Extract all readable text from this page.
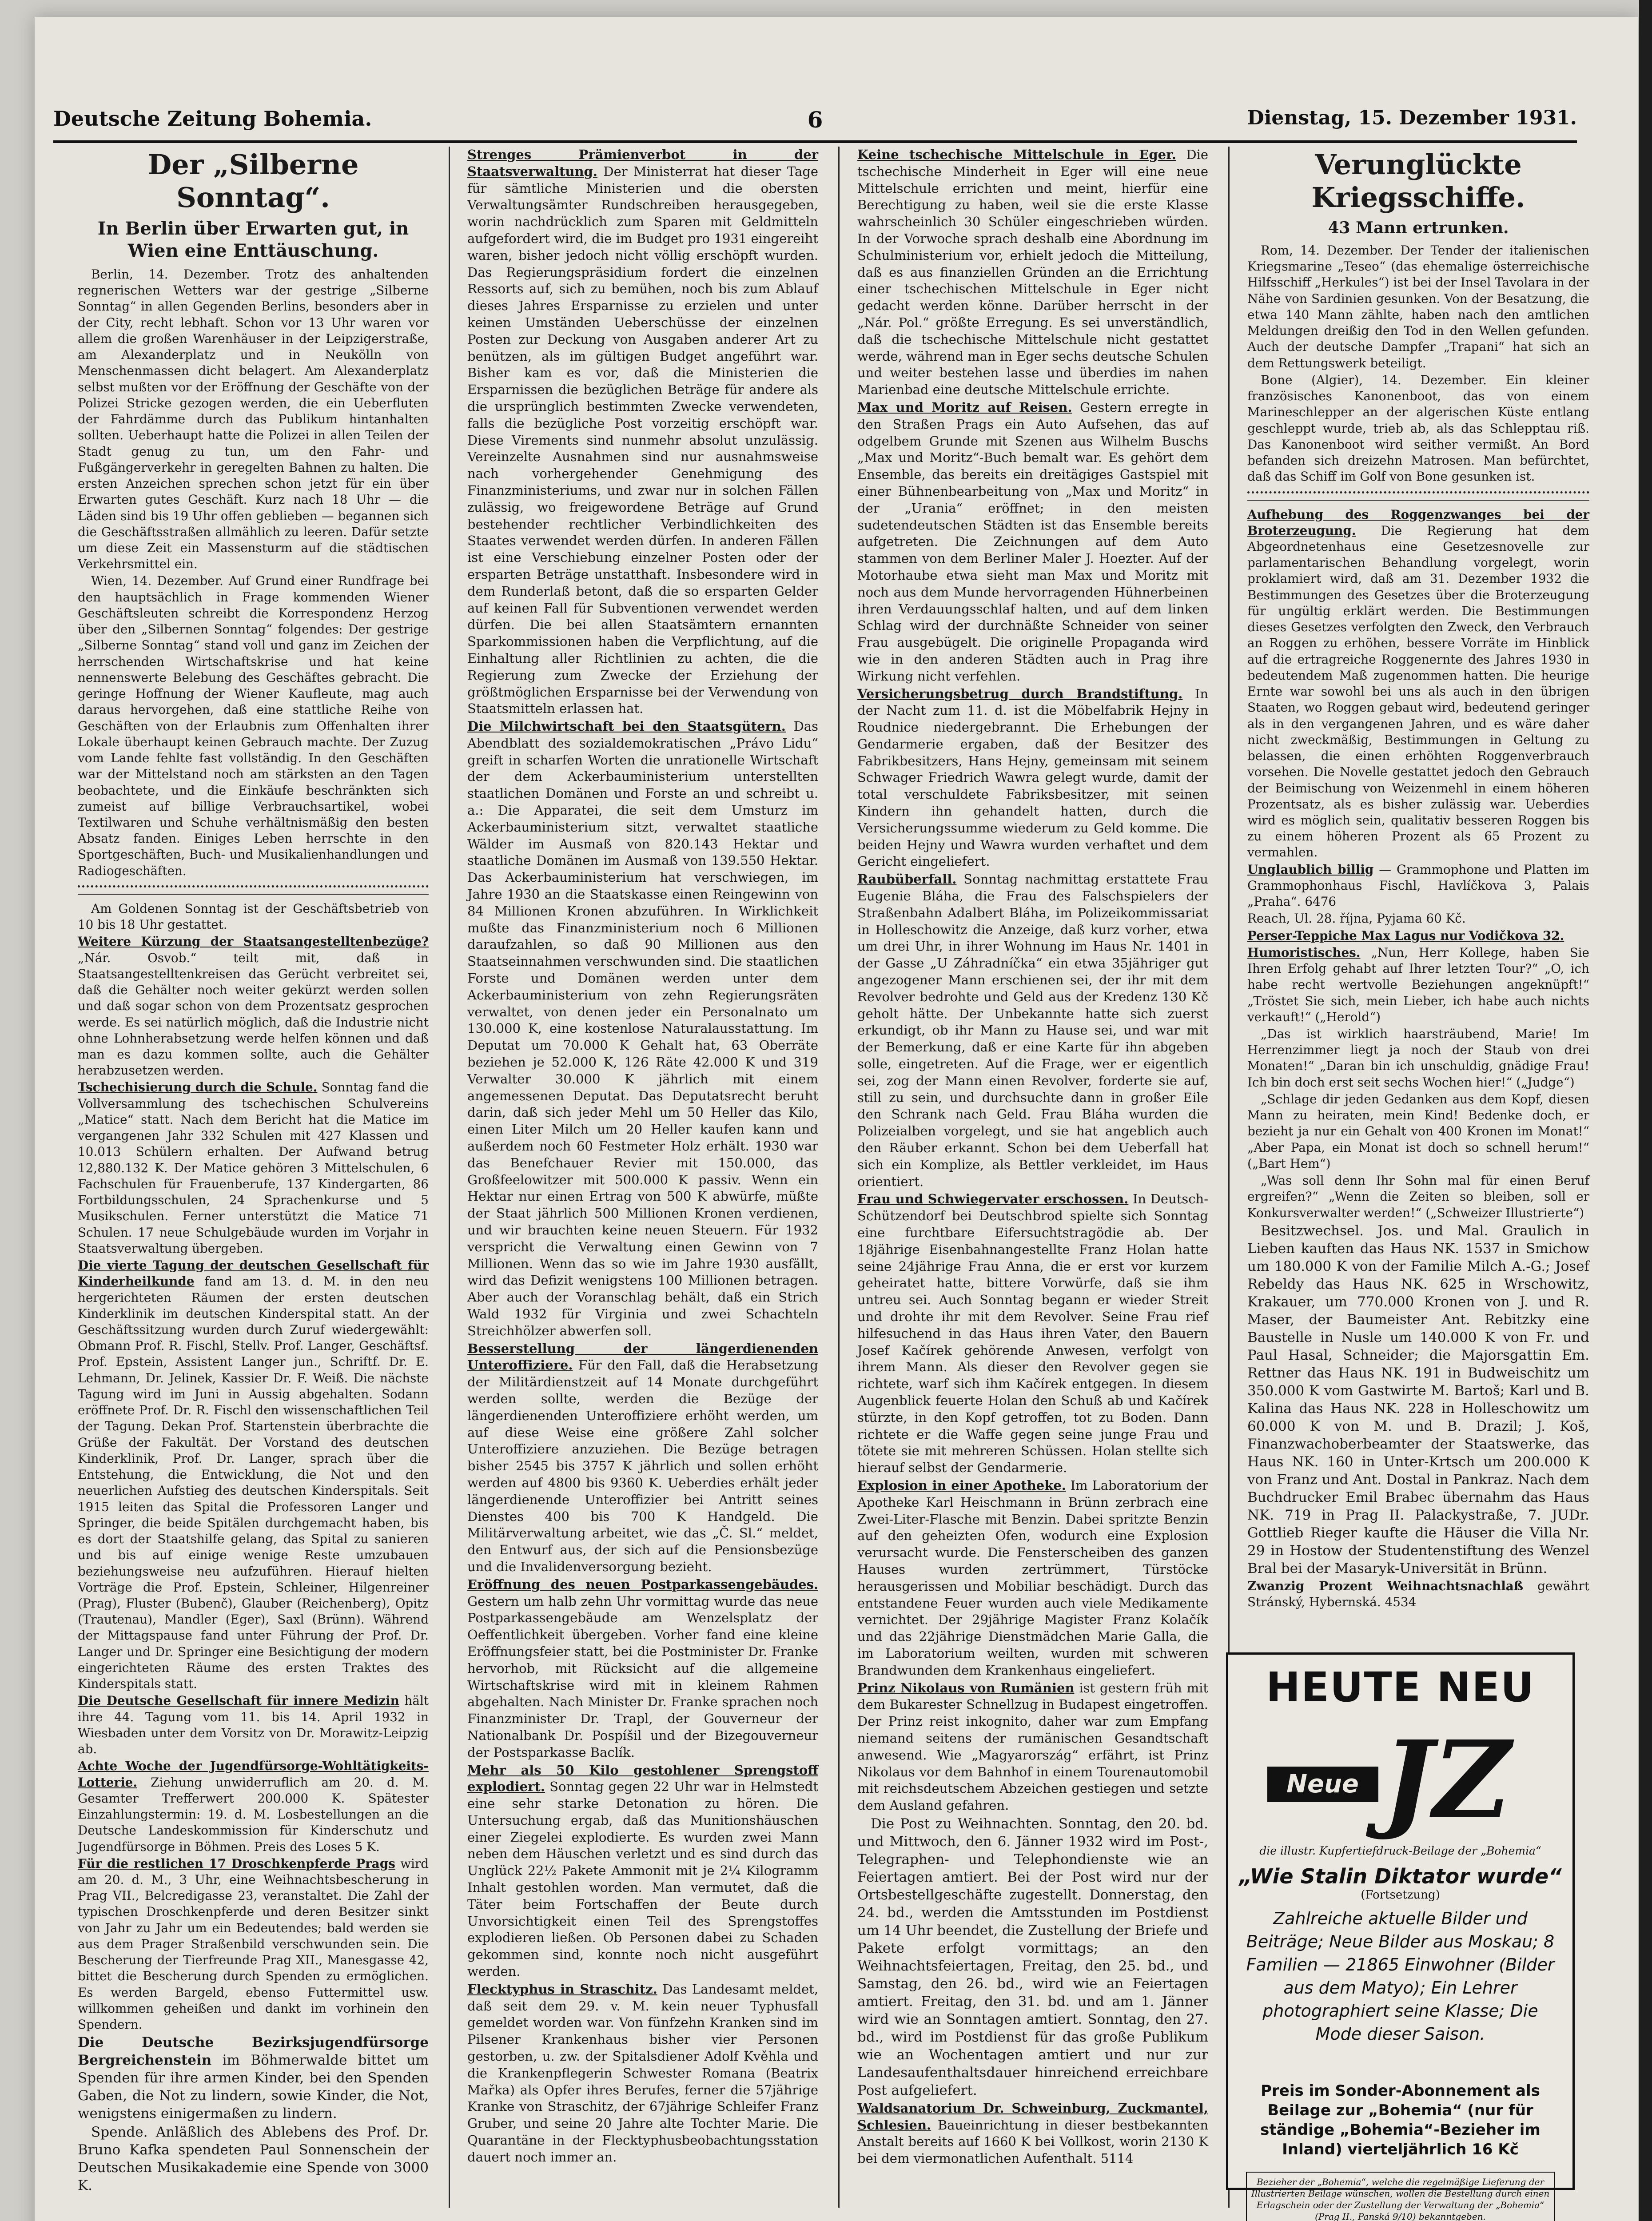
Deutsche Zeitung Bohemia.	6	Dienstag, 15. Dezember 1931.
Der „Silberne Sonntag“.
In Berlin über Erwarten gut, in Wien eine Enttäuschung.

Berlin, 14. Dezember. Trotz des anhaltenden regnerischen Wetters war der gestrige „Silberne Sonntag“ in allen Gegenden Berlins, besonders aber in der City, recht lebhaft. Schon vor 13 Uhr waren vor allem die großen Warenhäuser in der Leipzigerstraße, am Alexanderplatz und in Neukölln von Menschenmassen dicht belagert. Am Alexanderplatz selbst mußten vor der Eröffnung der Geschäfte von der Polizei Stricke gezogen werden, die ein Ueberfluten der Fahrdämme durch das Publikum hintanhalten sollten. Ueberhaupt hatte die Polizei in allen Teilen der Stadt genug zu tun, um den Fahr- und Fußgängerverkehr in geregelten Bahnen zu halten. Die ersten Anzeichen sprechen schon jetzt für ein über Erwarten gutes Geschäft. Kurz nach 18 Uhr — die Läden sind bis 19 Uhr offen geblieben — begannen sich die Geschäftsstraßen allmählich zu leeren. Dafür setzte um diese Zeit ein Massensturm auf die städtischen Verkehrsmittel ein.

Wien, 14. Dezember. Auf Grund einer Rundfrage bei den hauptsächlich in Frage kommenden Wiener Geschäftsleuten schreibt die Korrespondenz Herzog über den „Silbernen Sonntag“ folgendes: Der gestrige „Silberne Sonntag“ stand voll und ganz im Zeichen der herrschenden Wirtschaftskrise und hat keine nennenswerte Belebung des Geschäftes gebracht. Die geringe Hoffnung der Wiener Kaufleute, mag auch daraus hervorgehen, daß eine stattliche Reihe von Geschäften von der Erlaubnis zum Offenhalten ihrer Lokale überhaupt keinen Gebrauch machte. Der Zuzug vom Lande fehlte fast vollständig. In den Geschäften war der Mittelstand noch am stärksten an den Tagen beobachtete, und die Einkäufe beschränkten sich zumeist auf billige Verbrauchsartikel, wobei Textilwaren und Schuhe verhältnismäßig den besten Absatz fanden. Einiges Leben herrschte in den Sportgeschäften, Buch- und Musikalienhandlungen und Radiogeschäften.

Am Goldenen Sonntag ist der Geschäftsbetrieb von 10 bis 18 Uhr gestattet.

Weitere Kürzung der Staatsangestelltenbezüge? „Nár. Osvob.“ teilt mit, daß in Staatsangestelltenkreisen das Gerücht verbreitet sei, daß die Gehälter noch weiter gekürzt werden sollen und daß sogar schon von dem Prozentsatz gesprochen werde. Es sei natürlich möglich, daß die Industrie nicht ohne Lohnherabsetzung werde helfen können und daß man es dazu kommen sollte, auch die Gehälter herabzusetzen werden.

Tschechisierung durch die Schule. Sonntag fand die Vollversammlung des tschechischen Schulvereins „Matice“ statt. Nach dem Bericht hat die Matice im vergangenen Jahr 332 Schulen mit 427 Klassen und 10.013 Schülern erhalten. Der Aufwand betrug 12,880.132 K. Der Matice gehören 3 Mittelschulen, 6 Fachschulen für Frauenberufe, 137 Kindergarten, 86 Fortbildungsschulen, 24 Sprachenkurse und 5 Musikschulen. Ferner unterstützt die Matice 71 Schulen. 17 neue Schulgebäude wurden im Vorjahr in Staatsverwaltung übergeben.

Die vierte Tagung der deutschen Gesellschaft für Kinderheilkunde fand am 13. d. M. in den neu hergerichteten Räumen der ersten deutschen Kinderklinik im deutschen Kinderspital statt. An der Geschäftssitzung wurden durch Zuruf wiedergewählt: Obmann Prof. R. Fischl, Stellv. Prof. Langer, Geschäftsf. Prof. Epstein, Assistent Langer jun., Schriftf. Dr. E. Lehmann, Dr. Jelinek, Kassier Dr. F. Weiß. Die nächste Tagung wird im Juni in Aussig abgehalten. Sodann eröffnete Prof. Dr. R. Fischl den wissenschaftlichen Teil der Tagung. Dekan Prof. Startenstein überbrachte die Grüße der Fakultät. Der Vorstand des deutschen Kinderklinik, Prof. Dr. Langer, sprach über die Entstehung, die Entwicklung, die Not und den neuerlichen Aufstieg des deutschen Kinderspitals. Seit 1915 leiten das Spital die Professoren Langer und Springer, die beide Spitälen durchgemacht haben, bis es dort der Staatshilfe gelang, das Spital zu sanieren und bis auf einige wenige Reste umzubauen beziehungsweise neu aufzuführen. Hierauf hielten Vorträge die Prof. Epstein, Schleiner, Hilgenreiner (Prag), Fluster (Bubenč), Glauber (Reichenberg), Opitz (Trautenau), Mandler (Eger), Saxl (Brünn). Während der Mittagspause fand unter Führung der Prof. Dr. Langer und Dr. Springer eine Besichtigung der modern eingerichteten Räume des ersten Traktes des Kinderspitals statt.

Die Deutsche Gesellschaft für innere Medizin hält ihre 44. Tagung vom 11. bis 14. April 1932 in Wiesbaden unter dem Vorsitz von Dr. Morawitz-Leipzig ab.

Achte Woche der Jugendfürsorge-Wohltätigkeits-Lotterie. Ziehung unwiderruflich am 20. d. M. Gesamter Trefferwert 200.000 K. Spätester Einzahlungstermin: 19. d. M. Losbestellungen an die Deutsche Landeskommission für Kinderschutz und Jugendfürsorge in Böhmen. Preis des Loses 5 K.

Für die restlichen 17 Droschkenpferde Prags wird am 20. d. M., 3 Uhr, eine Weihnachtsbescherung in Prag VII., Belcredigasse 23, veranstaltet. Die Zahl der typischen Droschkenpferde und deren Besitzer sinkt von Jahr zu Jahr um ein Bedeutendes; bald werden sie aus dem Prager Straßenbild verschwunden sein. Die Bescherung der Tierfreunde Prag XII., Manesgasse 42, bittet die Bescherung durch Spenden zu ermöglichen. Es werden Bargeld, ebenso Futtermittel usw. willkommen geheißen und dankt im vorhinein den Spendern.

Die Deutsche Bezirksjugendfürsorge Bergreichenstein im Böhmerwalde bittet um Spenden für ihre armen Kinder, bei den Spenden Gaben, die Not zu lindern, sowie Kinder, die Not, wenigstens einigermaßen zu lindern.

Spende. Anläßlich des Ablebens des Prof. Dr. Bruno Kafka spendeten Paul Sonnenschein der Deutschen Musikakademie eine Spende von 3000 K.

Strenges Prämienverbot in der Staatsverwaltung. Der Ministerrat hat dieser Tage für sämtliche Ministerien und die obersten Verwaltungsämter Rundschreiben herausgegeben, worin nachdrücklich zum Sparen mit Geldmitteln aufgefordert wird, die im Budget pro 1931 eingereiht waren, bisher jedoch nicht völlig erschöpft wurden. Das Regierungspräsidium fordert die einzelnen Ressorts auf, sich zu bemühen, noch bis zum Ablauf dieses Jahres Ersparnisse zu erzielen und unter keinen Umständen Ueberschüsse der einzelnen Posten zur Deckung von Ausgaben anderer Art zu benützen, als im gültigen Budget angeführt war. Bisher kam es vor, daß die Ministerien die Ersparnissen die bezüglichen Beträge für andere als die ursprünglich bestimmten Zwecke verwendeten, falls die bezügliche Post vorzeitig erschöpft war. Diese Virements sind nunmehr absolut unzulässig. Vereinzelte Ausnahmen sind nur ausnahmsweise nach vorhergehender Genehmigung des Finanzministeriums, und zwar nur in solchen Fällen zulässig, wo freigewordene Beträge auf Grund bestehender rechtlicher Verbindlichkeiten des Staates verwendet werden dürfen. In anderen Fällen ist eine Verschiebung einzelner Posten oder der ersparten Beträge unstatthaft. Insbesondere wird in dem Runderlaß betont, daß die so ersparten Gelder auf keinen Fall für Subventionen verwendet werden dürfen. Die bei allen Staatsämtern ernannten Sparkommissionen haben die Verpflichtung, auf die Einhaltung aller Richtlinien zu achten, die die Regierung zum Zwecke der Erziehung der größtmöglichen Ersparnisse bei der Verwendung von Staatsmitteln erlassen hat.

Die Milchwirtschaft bei den Staatsgütern. Das Abendblatt des sozialdemokratischen „Právo Lidu“ greift in scharfen Worten die unrationelle Wirtschaft der dem Ackerbauministerium unterstellten staatlichen Domänen und Forste an und schreibt u. a.: Die Apparatei, die seit dem Umsturz im Ackerbauministerium sitzt, verwaltet staatliche Wälder im Ausmaß von 820.143 Hektar und staatliche Domänen im Ausmaß von 139.550 Hektar. Das Ackerbauministerium hat verschwiegen, im Jahre 1930 an die Staatskasse einen Reingewinn von 84 Millionen Kronen abzuführen. In Wirklichkeit mußte das Finanzministerium noch 6 Millionen daraufzahlen, so daß 90 Millionen aus den Staatseinnahmen verschwunden sind. Die staatlichen Forste und Domänen werden unter dem Ackerbauministerium von zehn Regierungsräten verwaltet, von denen jeder ein Personalnato um 130.000 K, eine kostenlose Naturalausstattung. Im Deputat um 70.000 K Gehalt hat, 63 Oberräte beziehen je 52.000 K, 126 Räte 42.000 K und 319 Verwalter 30.000 K jährlich mit einem angemessenen Deputat. Das Deputatsrecht beruht darin, daß sich jeder Mehl um 50 Heller das Kilo, einen Liter Milch um 20 Heller kaufen kann und außerdem noch 60 Festmeter Holz erhält. 1930 war das Benefchauer Revier mit 150.000, das Großfeelowitzer mit 500.000 K passiv. Wenn ein Hektar nur einen Ertrag von 500 K abwürfe, müßte der Staat jährlich 500 Millionen Kronen verdienen, und wir brauchten keine neuen Steuern. Für 1932 verspricht die Verwaltung einen Gewinn von 7 Millionen. Wenn das so wie im Jahre 1930 ausfällt, wird das Defizit wenigstens 100 Millionen betragen. Aber auch der Voranschlag behält, daß ein Strich Wald 1932 für Virginia und zwei Schachteln Streichhölzer abwerfen soll.

Besserstellung der längerdienenden Unteroffiziere. Für den Fall, daß die Herabsetzung der Militärdienstzeit auf 14 Monate durchgeführt werden sollte, werden die Bezüge der längerdienenden Unteroffiziere erhöht werden, um auf diese Weise eine größere Zahl solcher Unteroffiziere anzuziehen. Die Bezüge betragen bisher 2545 bis 3757 K jährlich und sollen erhöht werden auf 4800 bis 9360 K. Ueberdies erhält jeder längerdienende Unteroffizier bei Antritt seines Dienstes 400 bis 700 K Handgeld. Die Militärverwaltung arbeitet, wie das „Č. Sl.“ meldet, den Entwurf aus, der sich auf die Pensionsbezüge und die Invalidenversorgung bezieht.

Eröffnung des neuen Postparkassengebäudes. Gestern um halb zehn Uhr vormittag wurde das neue Postparkassengebäude am Wenzelsplatz der Oeffentlichkeit übergeben. Vorher fand eine kleine Eröffnungsfeier statt, bei die Postminister Dr. Franke hervorhob, mit Rücksicht auf die allgemeine Wirtschaftskrise wird mit in kleinem Rahmen abgehalten. Nach Minister Dr. Franke sprachen noch Finanzminister Dr. Trapl, der Gouverneur der Nationalbank Dr. Pospíšil und der Bizegouverneur der Postsparkasse Baclík.

Mehr als 50 Kilo gestohlener Sprengstoff explodiert. Sonntag gegen 22 Uhr war in Helmstedt eine sehr starke Detonation zu hören. Die Untersuchung ergab, daß das Munitionshäuschen einer Ziegelei explodierte. Es wurden zwei Mann neben dem Häuschen verletzt und es sind durch das Unglück 22½ Pakete Ammonit mit je 2¼ Kilogramm Inhalt gestohlen worden. Man vermutet, daß die Täter beim Fortschaffen der Beute durch Unvorsichtigkeit einen Teil des Sprengstoffes explodieren ließen. Ob Personen dabei zu Schaden gekommen sind, konnte noch nicht ausgeführt werden.

Flecktyphus in Straschitz. Das Landesamt meldet, daß seit dem 29. v. M. kein neuer Typhusfall gemeldet worden war. Von fünfzehn Kranken sind im Pilsener Krankenhaus bisher vier Personen gestorben, u. zw. der Spitalsdiener Adolf Kvěhla und die Krankenpflegerin Schwester Romana (Beatrix Mařka) als Opfer ihres Berufes, ferner die 57jährige Kranke von Straschitz, der 67jährige Schleifer Franz Gruber, und seine 20 Jahre alte Tochter Marie. Die Quarantäne in der Flecktyphusbeobachtungsstation dauert noch immer an.

Keine tschechische Mittelschule in Eger. Die tschechische Minderheit in Eger will eine neue Mittelschule errichten und meint, hierfür eine Berechtigung zu haben, weil sie die erste Klasse wahrscheinlich 30 Schüler eingeschrieben würden. In der Vorwoche sprach deshalb eine Abordnung im Schulministerium vor, erhielt jedoch die Mitteilung, daß es aus finanziellen Gründen an die Errichtung einer tschechischen Mittelschule in Eger nicht gedacht werden könne. Darüber herrscht in der „Nár. Pol.“ größte Erregung. Es sei unverständlich, daß die tschechische Mittelschule nicht gestattet werde, während man in Eger sechs deutsche Schulen und weiter bestehen lasse und überdies im nahen Marienbad eine deutsche Mittelschule errichte.

Max und Moritz auf Reisen. Gestern erregte in den Straßen Prags ein Auto Aufsehen, das auf odgelbem Grunde mit Szenen aus Wilhelm Buschs „Max und Moritz“-Buch bemalt war. Es gehört dem Ensemble, das bereits ein dreitägiges Gastspiel mit einer Bühnenbearbeitung von „Max und Moritz“ in der „Urania“ eröffnet; in den meisten sudetendeutschen Städten ist das Ensemble bereits aufgetreten. Die Zeichnungen auf dem Auto stammen von dem Berliner Maler J. Hoezter. Auf der Motorhaube etwa sieht man Max und Moritz mit noch aus dem Munde hervorragenden Hühnerbeinen ihren Verdauungsschlaf halten, und auf dem linken Schlag wird der durchnäßte Schneider von seiner Frau ausgebügelt. Die originelle Propaganda wird wie in den anderen Städten auch in Prag ihre Wirkung nicht verfehlen.

Versicherungsbetrug durch Brandstiftung. In der Nacht zum 11. d. ist die Möbelfabrik Hejny in Roudnice niedergebrannt. Die Erhebungen der Gendarmerie ergaben, daß der Besitzer des Fabrikbesitzers, Hans Hejny, gemeinsam mit seinem Schwager Friedrich Wawra gelegt wurde, damit der total verschuldete Fabriksbesitzer, mit seinen Kindern ihn gehandelt hatten, durch die Versicherungssumme wiederum zu Geld komme. Die beiden Hejny und Wawra wurden verhaftet und dem Gericht eingeliefert.

Raubüberfall. Sonntag nachmittag erstattete Frau Eugenie Bláha, die Frau des Falschspielers der Straßenbahn Adalbert Bláha, im Polizeikommissariat in Holleschowitz die Anzeige, daß kurz vorher, etwa um drei Uhr, in ihrer Wohnung im Haus Nr. 1401 in der Gasse „U Záhradníčka“ ein etwa 35jähriger gut angezogener Mann erschienen sei, der ihr mit dem Revolver bedrohte und Geld aus der Kredenz 130 Kč geholt hätte. Der Unbekannte hatte sich zuerst erkundigt, ob ihr Mann zu Hause sei, und war mit der Bemerkung, daß er eine Karte für ihn abgeben solle, eingetreten. Auf die Frage, wer er eigentlich sei, zog der Mann einen Revolver, forderte sie auf, still zu sein, und durchsuchte dann in großer Eile den Schrank nach Geld. Frau Bláha wurden die Polizeialben vorgelegt, und sie hat angeblich auch den Räuber erkannt. Schon bei dem Ueberfall hat sich ein Komplize, als Bettler verkleidet, im Haus orientiert.

Frau und Schwiegervater erschossen. In Deutsch-Schützendorf bei Deutschbrod spielte sich Sonntag eine furchtbare Eifersuchtstragödie ab. Der 18jährige Eisenbahnangestellte Franz Holan hatte seine 24jährige Frau Anna, die er erst vor kurzem geheiratet hatte, bittere Vorwürfe, daß sie ihm untreu sei. Auch Sonntag begann er wieder Streit und drohte ihr mit dem Revolver. Seine Frau rief hilfesuchend in das Haus ihren Vater, den Bauern Josef Kačírek gehörende Anwesen, verfolgt von ihrem Mann. Als dieser den Revolver gegen sie richtete, warf sich ihm Kačírek entgegen. In diesem Augenblick feuerte Holan den Schuß ab und Kačírek stürzte, in den Kopf getroffen, tot zu Boden. Dann richtete er die Waffe gegen seine junge Frau und tötete sie mit mehreren Schüssen. Holan stellte sich hierauf selbst der Gendarmerie.

Explosion in einer Apotheke. Im Laboratorium der Apotheke Karl Heischmann in Brünn zerbrach eine Zwei-Liter-Flasche mit Benzin. Dabei spritzte Benzin auf den geheizten Ofen, wodurch eine Explosion verursacht wurde. Die Fensterscheiben des ganzen Hauses wurden zertrümmert, Türstöcke herausgerissen und Mobiliar beschädigt. Durch das entstandene Feuer wurden auch viele Medikamente vernichtet. Der 29jährige Magister Franz Kolačík und das 22jährige Dienstmädchen Marie Galla, die im Laboratorium weilten, wurden mit schweren Brandwunden dem Krankenhaus eingeliefert.

Prinz Nikolaus von Rumänien ist gestern früh mit dem Bukarester Schnellzug in Budapest eingetroffen. Der Prinz reist inkognito, daher war zum Empfang niemand seitens der rumänischen Gesandtschaft anwesend. Wie „Magyarország“ erfährt, ist Prinz Nikolaus vor dem Bahnhof in einem Tourenautomobil mit reichsdeutschem Abzeichen gestiegen und setzte dem Ausland gefahren.

Die Post zu Weihnachten. Sonntag, den 20. bd. und Mittwoch, den 6. Jänner 1932 wird im Post-, Telegraphen- und Telephondienste wie an Feiertagen amtiert. Bei der Post wird nur der Ortsbestellgeschäfte zugestellt. Donnerstag, den 24. bd., werden die Amtsstunden im Postdienst um 14 Uhr beendet, die Zustellung der Briefe und Pakete erfolgt vormittags; an den Weihnachtsfeiertagen, Freitag, den 25. bd., und Samstag, den 26. bd., wird wie an Feiertagen amtiert. Freitag, den 31. bd. und am 1. Jänner wird wie an Sonntagen amtiert. Sonntag, den 27. bd., wird im Postdienst für das große Publikum wie an Wochentagen amtiert und nur zur Landesaufenthaltsdauer hinreichend erreichbare Post aufgeliefert.

Waldsanatorium Dr. Schweinburg, Zuckmantel, Schlesien. Baueinrichtung in dieser bestbekannten Anstalt bereits auf 1660 K bei Vollkost, worin 2130 K bei dem viermonatlichen Aufenthalt. 5114

Verunglückte Kriegsschiffe.
43 Mann ertrunken.

Rom, 14. Dezember. Der Tender der italienischen Kriegsmarine „Teseo“ (das ehemalige österreichische Hilfsschiff „Herkules“) ist bei der Insel Tavolara in der Nähe von Sardinien gesunken. Von der Besatzung, die etwa 140 Mann zählte, haben nach den amtlichen Meldungen dreißig den Tod in den Wellen gefunden. Auch der deutsche Dampfer „Trapani“ hat sich an dem Rettungswerk beteiligt.

Bone (Algier), 14. Dezember. Ein kleiner französisches Kanonenboot, das von einem Marineschlepper an der algerischen Küste entlang geschleppt wurde, trieb ab, als das Schlepptau riß. Das Kanonenboot wird seither vermißt. An Bord befanden sich dreizehn Matrosen. Man befürchtet, daß das Schiff im Golf von Bone gesunken ist.

Aufhebung des Roggenzwanges bei der Broterzeugung. Die Regierung hat dem Abgeordnetenhaus eine Gesetzesnovelle zur parlamentarischen Behandlung vorgelegt, worin proklamiert wird, daß am 31. Dezember 1932 die Bestimmungen des Gesetzes über die Broterzeugung für ungültig erklärt werden. Die Bestimmungen dieses Gesetzes verfolgten den Zweck, den Verbrauch an Roggen zu erhöhen, bessere Vorräte im Hinblick auf die ertragreiche Roggenernte des Jahres 1930 in bedeutendem Maß zugenommen hatten. Die heurige Ernte war sowohl bei uns als auch in den übrigen Staaten, wo Roggen gebaut wird, bedeutend geringer als in den vergangenen Jahren, und es wäre daher nicht zweckmäßig, Bestimmungen in Geltung zu belassen, die einen erhöhten Roggenverbrauch vorsehen. Die Novelle gestattet jedoch den Gebrauch der Beimischung von Weizenmehl in einem höheren Prozentsatz, als es bisher zulässig war. Ueberdies wird es möglich sein, qualitativ besseren Roggen bis zu einem höheren Prozent als 65 Prozent zu vermahlen.

Unglaublich billig — Grammophone und Platten im Grammophonhaus Fischl, Havlíčkova 3, Palais „Praha“. 6476

Reach, Ul. 28. října, Pyjama 60 Kč.

Perser-Teppiche Max Lagus nur Vodičkova 32.

Humoristisches. „Nun, Herr Kollege, haben Sie Ihren Erfolg gehabt auf Ihrer letzten Tour?“ „O, ich habe recht wertvolle Beziehungen angeknüpft!“ „Tröstet Sie sich, mein Lieber, ich habe auch nichts verkauft!“ („Herold“)

„Das ist wirklich haarsträubend, Marie! Im Herrenzimmer liegt ja noch der Staub von drei Monaten!“ „Daran bin ich unschuldig, gnädige Frau! Ich bin doch erst seit sechs Wochen hier!“ („Judge“)

„Schlage dir jeden Gedanken aus dem Kopf, diesen Mann zu heiraten, mein Kind! Bedenke doch, er bezieht ja nur ein Gehalt von 400 Kronen im Monat!“ „Aber Papa, ein Monat ist doch so schnell herum!“ („Bart Hem“)

„Was soll denn Ihr Sohn mal für einen Beruf ergreifen?“ „Wenn die Zeiten so bleiben, soll er Konkursverwalter werden!“ („Schweizer Illustrierte“)

Besitzwechsel. Jos. und Mal. Graulich in Lieben kauften das Haus NK. 1537 in Smichow um 180.000 K von der Familie Milch A.-G.; Josef Rebeldy das Haus NK. 625 in Wrschowitz, Krakauer, um 770.000 Kronen von J. und R. Maser, der Baumeister Ant. Rebitzky eine Baustelle in Nusle um 140.000 K von Fr. und Paul Hasal, Schneider; die Majorsgattin Em. Rettner das Haus NK. 191 in Budweischitz um 350.000 K vom Gastwirte M. Bartoš; Karl und B. Kalina das Haus NK. 228 in Holleschowitz um 60.000 K von M. und B. Drazil; J. Koš, Finanzwachoberbeamter der Staatswerke, das Haus NK. 160 in Unter-Krtsch um 200.000 K von Franz und Ant. Dostal in Pankraz. Nach dem Buchdrucker Emil Brabec übernahm das Haus NK. 719 in Prag II. Palackystraße, 7. JUDr. Gottlieb Rieger kaufte die Häuser die Villa Nr. 29 in Hostow der Studentenstiftung des Wenzel Bral bei der Masaryk-Universität in Brünn.

Zwanzig Prozent Weihnachtsnachlaß gewährt Stránský, Hybernská. 4534

HEUTE NEU
Neue JZ
die illustr. Kupfertiefdruck-Beilage der „Bohemia“
„Wie Stalin Diktator wurde“
(Fortsetzung)
Zahlreiche aktuelle Bilder und Beiträge; Neue Bilder aus Moskau; 8 Familien — 21865 Einwohner (Bilder aus dem Matyo); Ein Lehrer photographiert seine Klasse; Die Mode dieser Saison.
Preis im Sonder-Abonnement als Beilage zur „Bohemia“ (nur für ständige „Bohemia“-Bezieher im Inland) vierteljährlich 16 Kč
Bezieher der „Bohemia“, welche die regelmäßige Lieferung der Illustrierten Beilage wünschen, wollen die Bestellung durch einen Erlagschein oder der Zustellung der Verwaltung der „Bohemia“ (Prag II., Panská 9/10) bekanntgeben.
